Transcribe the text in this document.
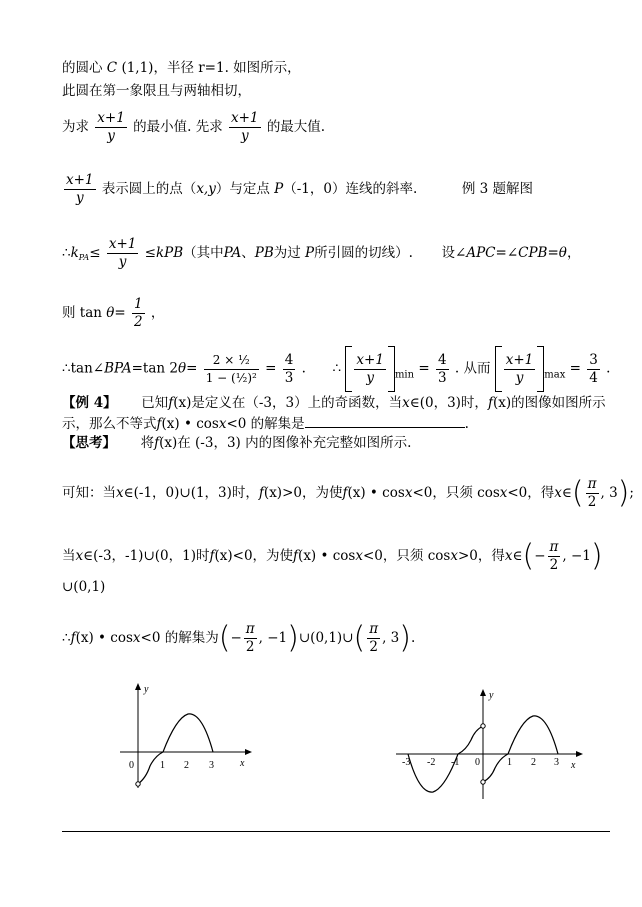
的圆心 C (1,1)，半径 r=1. 如图所示，
此圆在第一象限且与两轴相切，
为求 $\frac{x+1}{y}$ 的最小值. 先求 $\frac{x+1}{y}$ 的最大值.
$\frac{x+1}{y}$ 表示圆上的点（x,y）与定点 P（-1，0）连线的斜率.	例 3 题解图
$\therefore k_{PA}\le \frac{x+1}{y} \le kPB$（其中PA、PB为过 P所引圆的切线）. 设∠APC=∠CPB=θ，
则 $\tan \theta= \frac{1}{2}$ ，
∴tan∠BPA=tan $2\theta= \frac{\text{2 × ½}}{\text{1 − (½)²}} = \frac{4}{3}$ . ∴ $\frac{x+1}{y} _{min} = \frac{4}{3}$ . 从而 $\frac{x+1}{y} _{max} = \frac{3}{4}$ .
【例 4】 已知f(x)是定义在（-3，3）上的奇函数，当x∈(0，3)时，f(x)的图像如图所示
示，那么不等式f(x) • cosx<0 的解集是	.
【思考】 将f(x)在 (-3，3) 内的图像补充完整如图所示.
可知：当x∈(-1，0)∪(1，3)时，f(x)>0，为使f(x) • cosx<0，只须 cosx<0，得x∈( $\frac{\pi}{2}$ , 3);
当x∈(-3，-1)∪(0，1)时f(x)<0，为使f(x) • cosx<0，只须 cosx>0，得x∈(− $\frac{\pi}{2}$ , −1)
∪(0,1)
∴f(x) • cosx<0 的解集为(− $\frac{\pi}{2}$ , −1)∪(0,1)∪( $\frac{\pi}{2}$ , 3).
y
x
0	1 2 3
y
x
-3 -2 -1 0	1 2 3
